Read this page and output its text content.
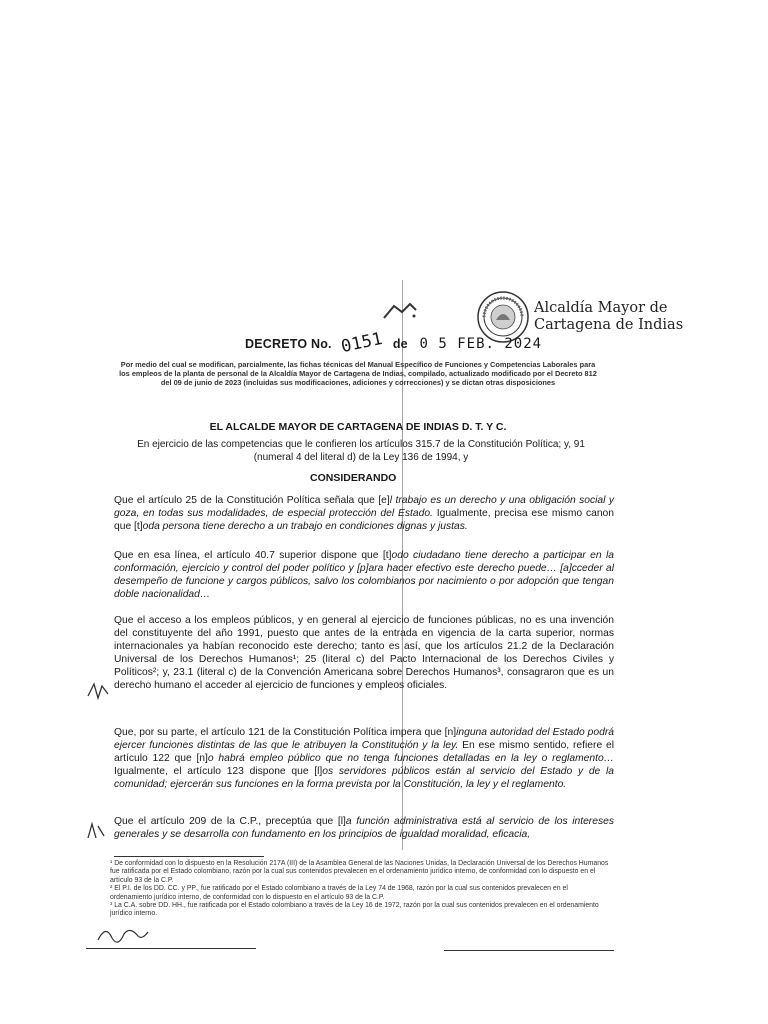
Alcaldía Mayor de
Cartagena de Indias
DECRETO No. 0151 de 0 5 FEB. 2024
Por medio del cual se modifican, parcialmente, las fichas técnicas del Manual Específico de Funciones y Competencias Laborales para los empleos de la planta de personal de la Alcaldía Mayor de Cartagena de Indias, compilado, actualizado modificado por el Decreto 812 del 09 de junio de 2023 (incluidas sus modificaciones, adiciones y correcciones) y se dictan otras disposiciones
EL ALCALDE MAYOR DE CARTAGENA DE INDIAS D. T. Y C.
En ejercicio de las competencias que le confieren los artículos 315.7 de la Constitución Política; y, 91 (numeral 4 del literal d) de la Ley 136 de 1994, y
CONSIDERANDO
Que el artículo 25 de la Constitución Política señala que [e]l trabajo es un derecho y una obligación social y goza, en todas sus modalidades, de especial protección del Estado. Igualmente, precisa ese mismo canon que [t]oda persona tiene derecho a un trabajo en condiciones dignas y justas.
Que en esa línea, el artículo 40.7 superior dispone que [t]odo ciudadano tiene derecho a participar en la conformación, ejercicio y control del poder político y [p]ara hacer efectivo este derecho puede… [a]cceder al desempeño de funcione y cargos públicos, salvo los colombianos por nacimiento o por adopción que tengan doble nacionalidad…
Que el acceso a los empleos públicos, y en general al ejercicio de funciones públicas, no es una invención del constituyente del año 1991, puesto que antes de la entrada en vigencia de la carta superior, normas internacionales ya habían reconocido este derecho; tanto es así, que los artículos 21.2 de la Declaración Universal de los Derechos Humanos¹; 25 (literal c) del Pacto Internacional de los Derechos Civiles y Políticos²; y, 23.1 (literal c) de la Convención Americana sobre Derechos Humanos³, consagraron que es un derecho humano el acceder al ejercicio de funciones y empleos oficiales.
Que, por su parte, el artículo 121 de la Constitución Política impera que [n]inguna autoridad del Estado podrá ejercer funciones distintas de las que le atribuyen la Constitución y la ley. En ese mismo sentido, refiere el artículo 122 que [n]o habrá empleo público que no tenga funciones detalladas en la ley o reglamento… Igualmente, el artículo 123 dispone que [l]os servidores públicos están al servicio del Estado y de la comunidad; ejercerán sus funciones en la forma prevista por la Constitución, la ley y el reglamento.
Que el artículo 209 de la C.P., preceptúa que [l]a función administrativa está al servicio de los intereses generales y se desarrolla con fundamento en los principios de igualdad moralidad, eficacia,

¹ De conformidad con lo dispuesto en la Resolución 217A (III) de la Asamblea General de las Naciones Unidas, la Declaración Universal de los Derechos Humanos fue ratificada por el Estado colombiano, razón por la cual sus contenidos prevalecen en el ordenamiento jurídico interno, de conformidad con lo dispuesto en el artículo 93 de la C.P.

² El P.I. de los DD. CC. y PP., fue ratificado por el Estado colombiano a través de la Ley 74 de 1968, razón por la cual sus contenidos prevalecen en el ordenamiento jurídico interno, de conformidad con lo dispuesto en el artículo 93 de la C.P.

³ La C.A. sobre DD. HH., fue ratificada por el Estado colombiano a través de la Ley 16 de 1972, razón por la cual sus contenidos prevalecen en el ordenamiento jurídico interno.
